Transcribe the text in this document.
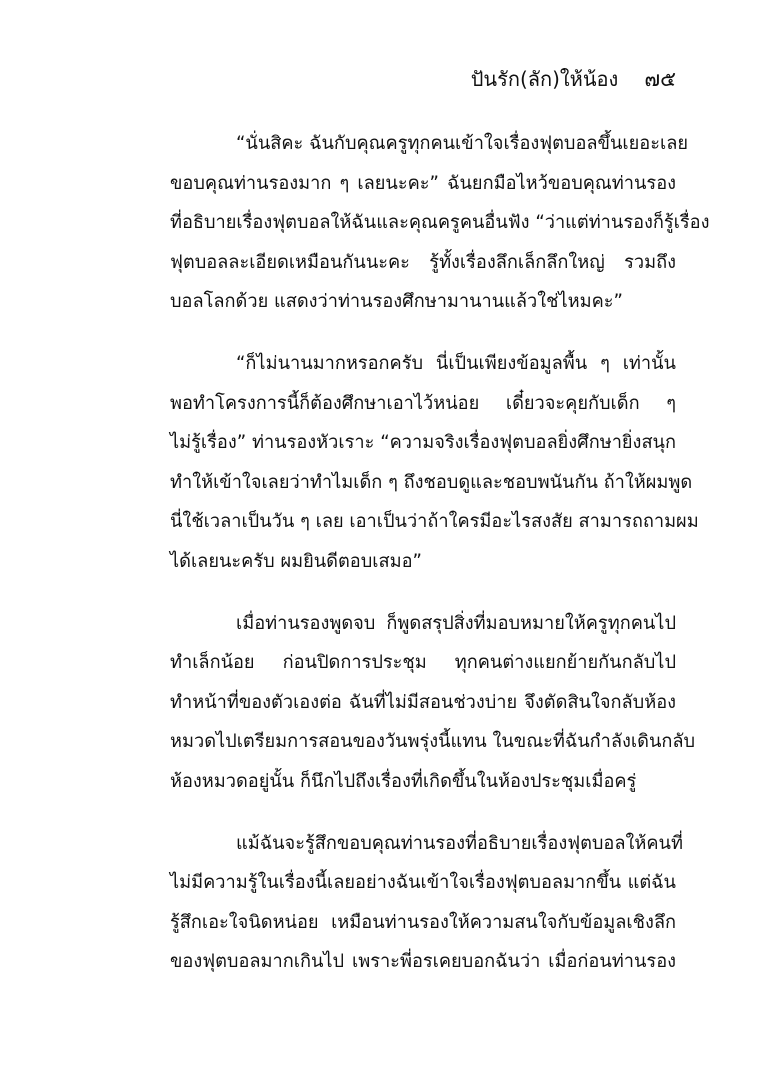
ปันรัก(ลัก)ให้น้อง ๗๕
“นั่นสิคะ ฉันกับคุณครูทุกคนเข้าใจเรื่องฟุตบอลขึ้นเยอะเลย
ขอบคุณท่านรองมาก ๆ เลยนะคะ” ฉันยกมือไหว้ขอบคุณท่านรอง
ที่อธิบายเรื่องฟุตบอลให้ฉันและคุณครูคนอื่นฟัง “ว่าแต่ท่านรองก็รู้เรื่อง
ฟุตบอลละเอียดเหมือนกันนะคะ รู้ทั้งเรื่องลึกเล็กลึกใหญ่ รวมถึง
บอลโลกด้วย แสดงว่าท่านรองศึกษามานานแล้วใช่ไหมคะ”
“ก็ไม่นานมากหรอกครับ นี่เป็นเพียงข้อมูลพื้น ๆ เท่านั้น
พอทำโครงการนี้ก็ต้องศึกษาเอาไว้หน่อย เดี๋ยวจะคุยกับเด็ก ๆ
ไม่รู้เรื่อง” ท่านรองหัวเราะ “ความจริงเรื่องฟุตบอลยิ่งศึกษายิ่งสนุก
ทำให้เข้าใจเลยว่าทำไมเด็ก ๆ ถึงชอบดูและชอบพนันกัน ถ้าให้ผมพูด
นี่ใช้เวลาเป็นวัน ๆ เลย เอาเป็นว่าถ้าใครมีอะไรสงสัย สามารถถามผม
ได้เลยนะครับ ผมยินดีตอบเสมอ”
เมื่อท่านรองพูดจบ ก็พูดสรุปสิ่งที่มอบหมายให้ครูทุกคนไป
ทำเล็กน้อย ก่อนปิดการประชุม ทุกคนต่างแยกย้ายกันกลับไป
ทำหน้าที่ของตัวเองต่อ ฉันที่ไม่มีสอนช่วงบ่าย จึงตัดสินใจกลับห้อง
หมวดไปเตรียมการสอนของวันพรุ่งนี้แทน ในขณะที่ฉันกำลังเดินกลับ
ห้องหมวดอยู่นั้น ก็นึกไปถึงเรื่องที่เกิดขึ้นในห้องประชุมเมื่อครู่
แม้ฉันจะรู้สึกขอบคุณท่านรองที่อธิบายเรื่องฟุตบอลให้คนที่
ไม่มีความรู้ในเรื่องนี้เลยอย่างฉันเข้าใจเรื่องฟุตบอลมากขึ้น แต่ฉัน
รู้สึกเอะใจนิดหน่อย เหมือนท่านรองให้ความสนใจกับข้อมูลเชิงลึก
ของฟุตบอลมากเกินไป เพราะพี่อรเคยบอกฉันว่า เมื่อก่อนท่านรอง
